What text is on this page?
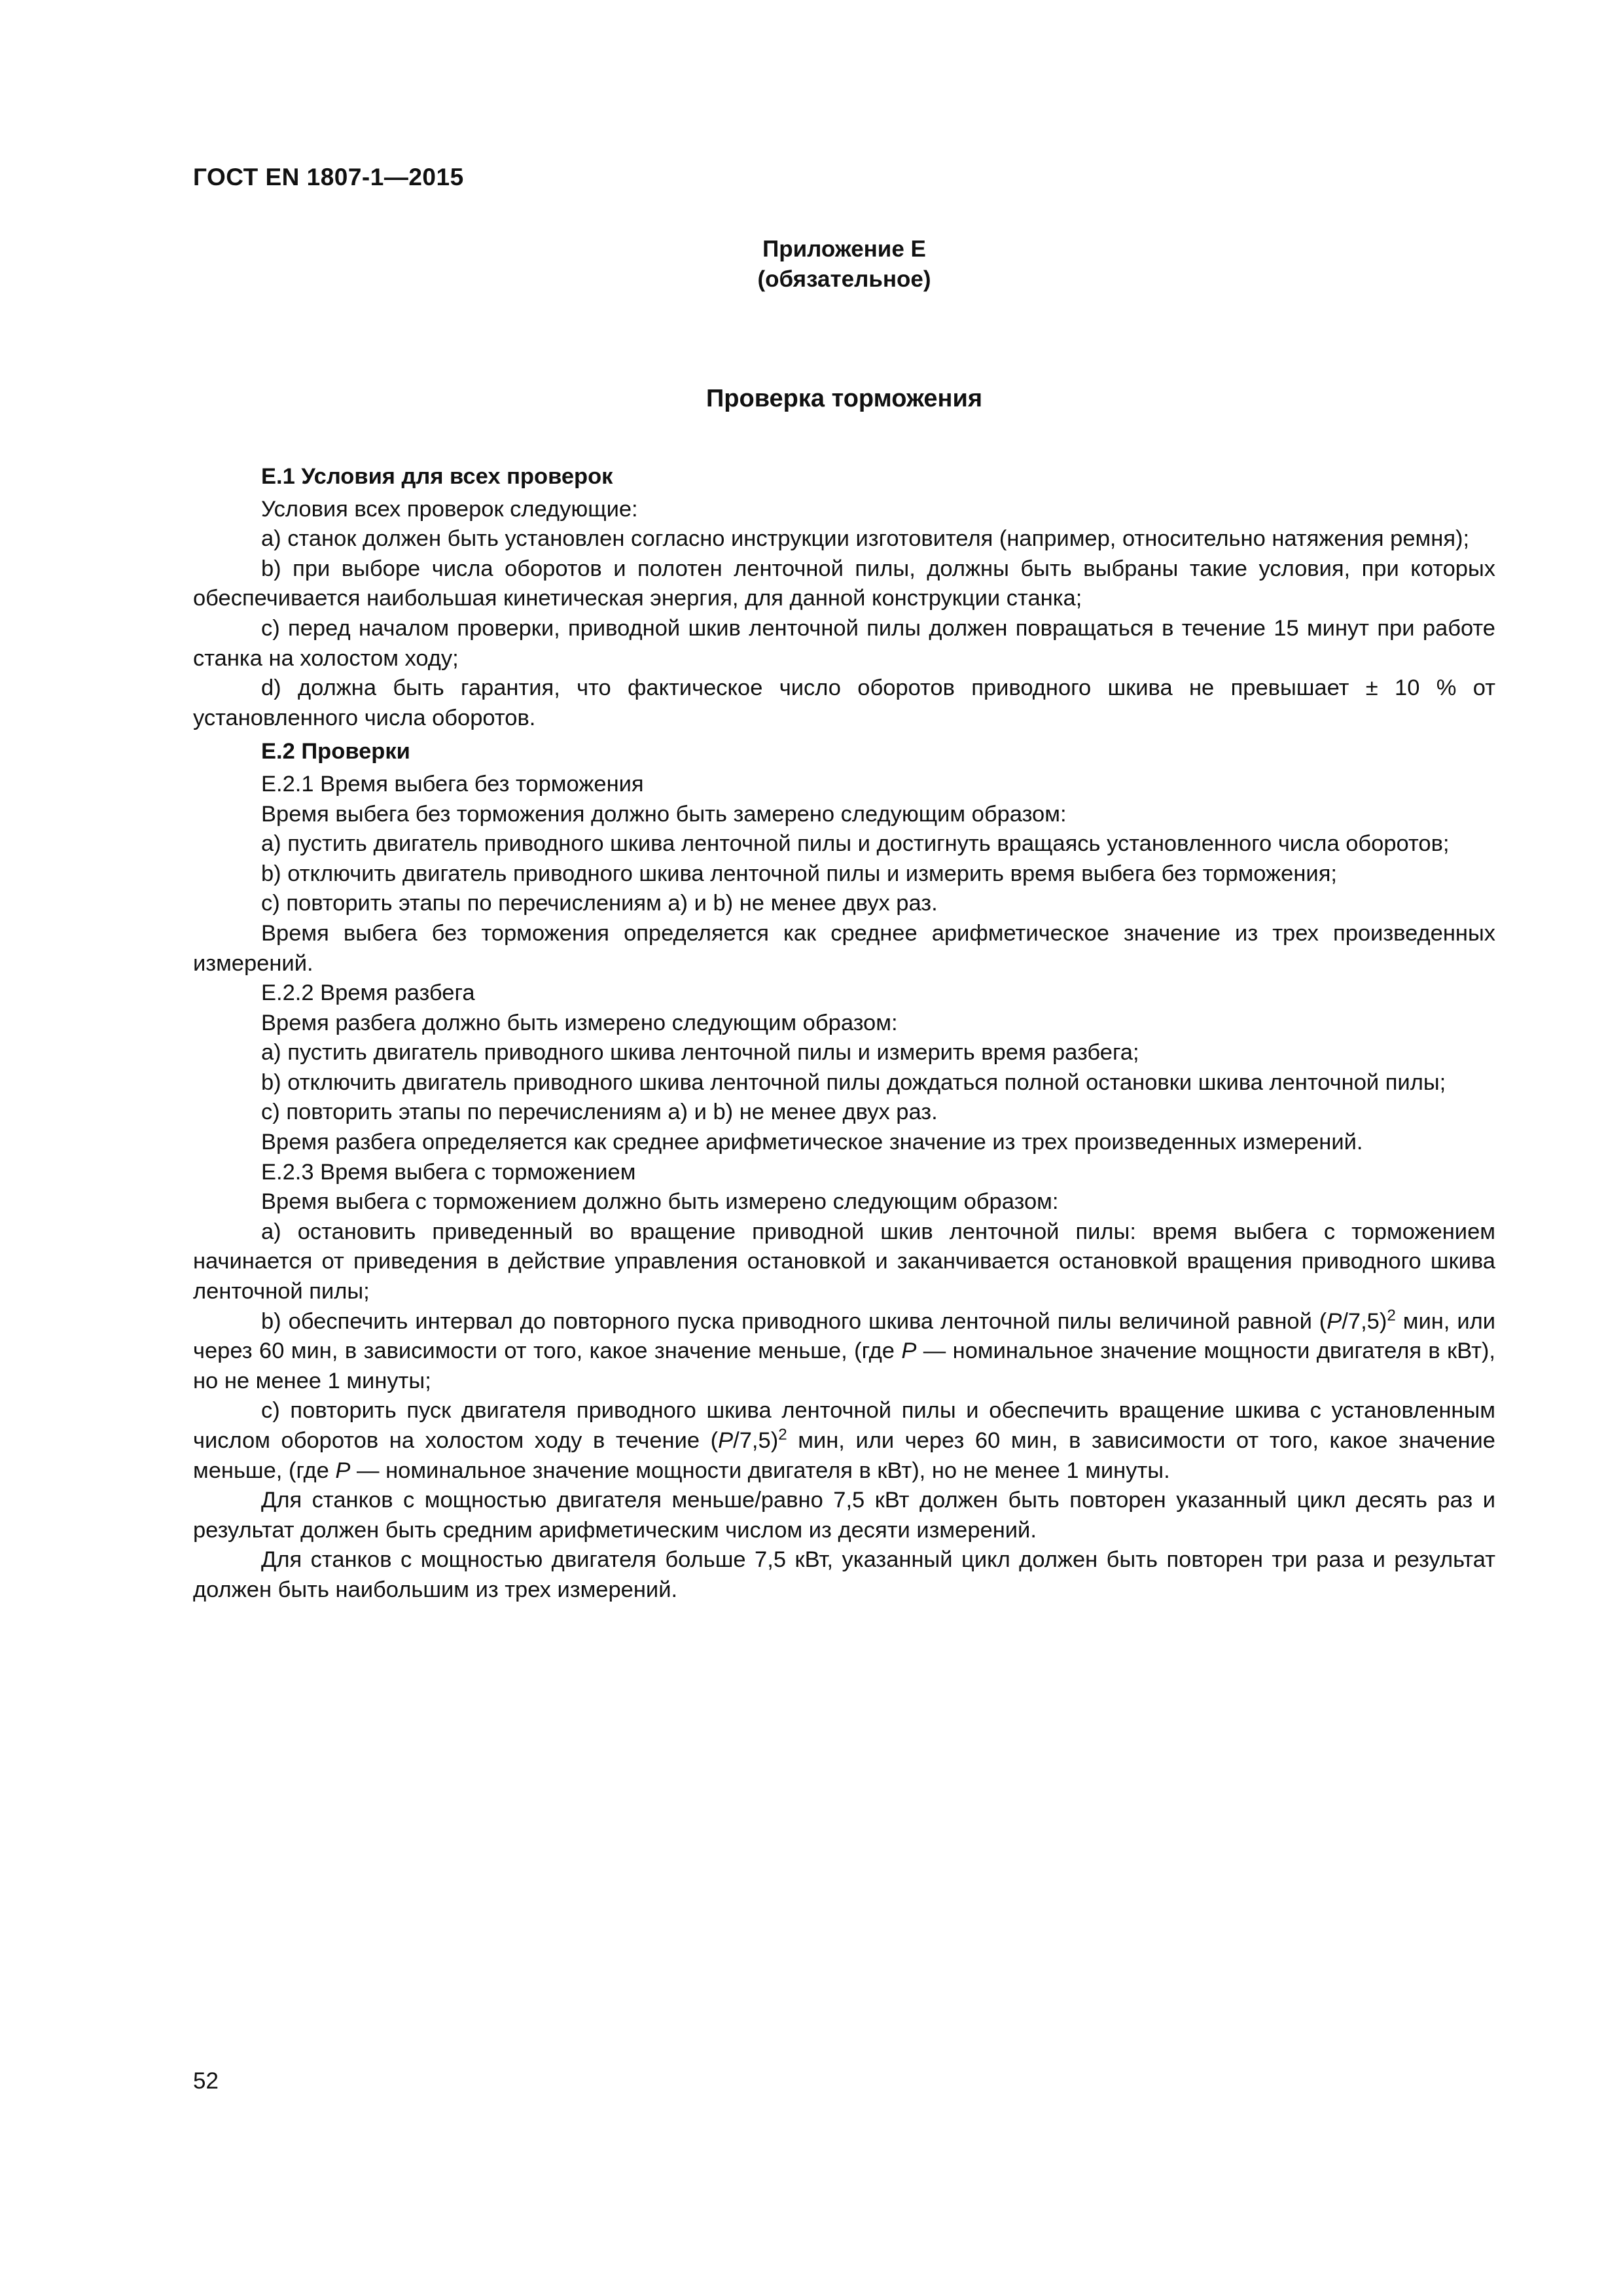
ГОСТ EN 1807-1—2015
Приложение Е
(обязательное)
Проверка торможения

Е.1 Условия для всех проверок

Условия всех проверок следующие:

a) станок должен быть установлен согласно инструкции изготовителя (например, относительно натяжения ремня);

b) при выборе числа оборотов и полотен ленточной пилы, должны быть выбраны такие условия, при которых обеспечивается наибольшая кинетическая энергия, для данной конструкции станка;

c) перед началом проверки, приводной шкив ленточной пилы должен повращаться в течение 15 минут при работе станка на холостом ходу;

d) должна быть гарантия, что фактическое число оборотов приводного шкива не превышает ± 10 % от установленного числа оборотов.

Е.2 Проверки

Е.2.1 Время выбега без торможения

Время выбега без торможения должно быть замерено следующим образом:

a) пустить двигатель приводного шкива ленточной пилы и достигнуть вращаясь установленного числа оборотов;

b) отключить двигатель приводного шкива ленточной пилы и измерить время выбега без торможения;

c) повторить этапы по перечислениям a) и b) не менее двух раз.

Время выбега без торможения определяется как среднее арифметическое значение из трех произведенных измерений.

Е.2.2 Время разбега

Время разбега должно быть измерено следующим образом:

a) пустить двигатель приводного шкива ленточной пилы и измерить время разбега;

b) отключить двигатель приводного шкива ленточной пилы дождаться полной остановки шкива ленточной пилы;

c) повторить этапы по перечислениям a) и b) не менее двух раз.

Время разбега определяется как среднее арифметическое значение из трех произведенных измерений.

Е.2.3 Время выбега с торможением

Время выбега с торможением должно быть измерено следующим образом:

a) остановить приведенный во вращение приводной шкив ленточной пилы: время выбега с торможением начинается от приведения в действие управления остановкой и заканчивается остановкой вращения приводного шкива ленточной пилы;

b) обеспечить интервал до повторного пуска приводного шкива ленточной пилы величиной равной $(P/7,5)^2$ мин, или через 60 мин, в зависимости от того, какое значение меньше, (где P — номинальное значение мощности двигателя в кВт), но не менее 1 минуты;

c) повторить пуск двигателя приводного шкива ленточной пилы и обеспечить вращение шкива с установленным числом оборотов на холостом ходу в течение $(P/7,5)^2$ мин, или через 60 мин, в зависимости от того, какое значение меньше, (где P — номинальное значение мощности двигателя в кВт), но не менее 1 минуты.

Для станков с мощностью двигателя меньше/равно 7,5 кВт должен быть повторен указанный цикл десять раз и результат должен быть средним арифметическим числом из десяти измерений.

Для станков с мощностью двигателя больше 7,5 кВт, указанный цикл должен быть повторен три раза и результат должен быть наибольшим из трех измерений.

52
